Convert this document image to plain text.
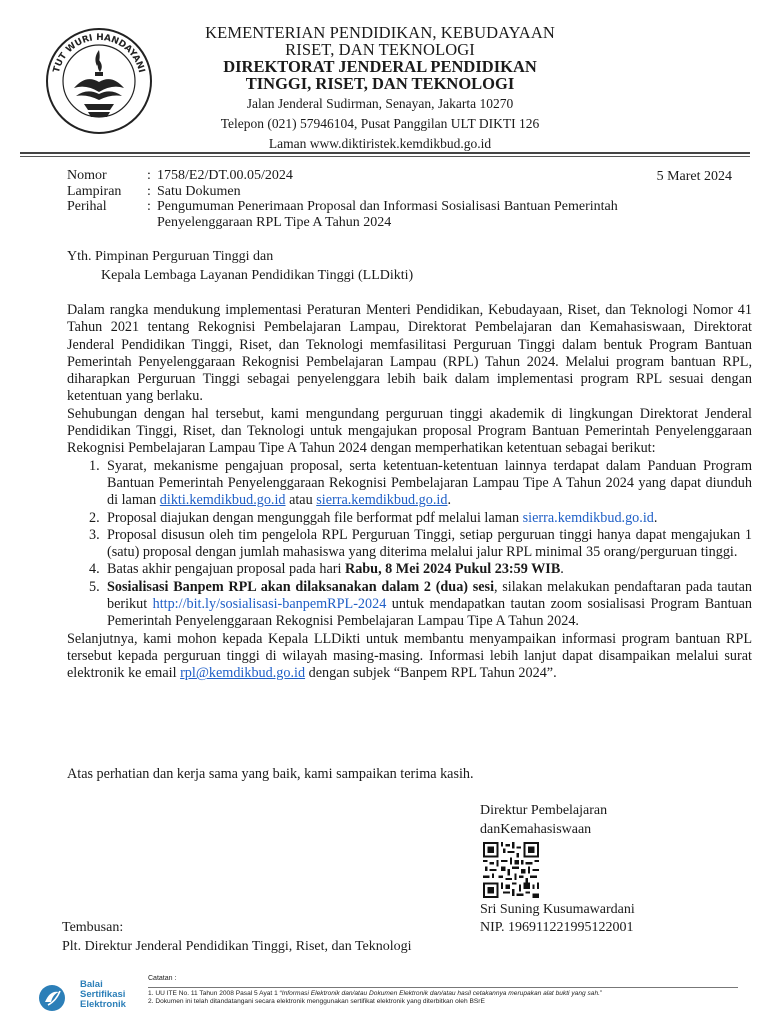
TUT WURI HANDAYANI
KEMENTERIAN PENDIDIKAN, KEBUDAYAAN
RISET, DAN TEKNOLOGI
DIREKTORAT JENDERAL PENDIDIKAN
TINGGI, RISET, DAN TEKNOLOGI
Jalan Jenderal Sudirman, Senayan, Jakarta 10270
Telepon (021) 57946104, Pusat Panggilan ULT DIKTI 126
Laman www.diktiristek.kemdikbud.go.id
5 Maret 2024
Nomor	: 1758/E2/DT.00.05/2024
Lampiran	: Satu Dokumen
Perihal	: Pengumuman Penerimaan Proposal dan Informasi Sosialisasi Bantuan Pemerintah
Penyelenggaraan RPL Tipe A Tahun 2024
Yth. Pimpinan Perguruan Tinggi dan
Kepala Lembaga Layanan Pendidikan Tinggi (LLDikti)

Dalam rangka mendukung implementasi Peraturan Menteri Pendidikan, Kebudayaan, Riset, dan Teknologi Nomor 41 Tahun 2021 tentang Rekognisi Pembelajaran Lampau, Direktorat Pembelajaran dan Kemahasiswaan, Direktorat Jenderal Pendidikan Tinggi, Riset, dan Teknologi memfasilitasi Perguruan Tinggi dalam bentuk Program Bantuan Pemerintah Penyelenggaraan Rekognisi Pembelajaran Lampau (RPL) Tahun 2024. Melalui program bantuan RPL, diharapkan Perguruan Tinggi sebagai penyelenggara lebih baik dalam implementasi program RPL sesuai dengan ketentuan yang berlaku.

Sehubungan dengan hal tersebut, kami mengundang perguruan tinggi akademik di lingkungan Direktorat Jenderal Pendidikan Tinggi, Riset, dan Teknologi untuk mengajukan proposal Program Bantuan Pemerintah Penyelenggaraan Rekognisi Pembelajaran Lampau Tipe A Tahun 2024 dengan memperhatikan ketentuan sebagai berikut:

1. Syarat, mekanisme pengajuan proposal, serta ketentuan-ketentuan lainnya terdapat dalam Panduan Program Bantuan Pemerintah Penyelenggaraan Rekognisi Pembelajaran Lampau Tipe A Tahun 2024 yang dapat diunduh di laman dikti.kemdikbud.go.id atau sierra.kemdikbud.go.id.
2. Proposal diajukan dengan mengunggah file berformat pdf melalui laman sierra.kemdikbud.go.id.
3. Proposal disusun oleh tim pengelola RPL Perguruan Tinggi, setiap perguruan tinggi hanya dapat mengajukan 1 (satu) proposal dengan jumlah mahasiswa yang diterima melalui jalur RPL minimal 35 orang/perguruan tinggi.
4. Batas akhir pengajuan proposal pada hari Rabu, 8 Mei 2024 Pukul 23:59 WIB.
5. Sosialisasi Banpem RPL akan dilaksanakan dalam 2 (dua) sesi, silakan melakukan pendaftaran pada tautan berikut http://bit.ly/sosialisasi-banpemRPL-2024 untuk mendapatkan tautan zoom sosialisasi Program Bantuan Pemerintah Penyelenggaraan Rekognisi Pembelajaran Lampau Tipe A Tahun 2024.

Selanjutnya, kami mohon kepada Kepala LLDikti untuk membantu menyampaikan informasi program bantuan RPL tersebut kepada perguruan tinggi di wilayah masing-masing. Informasi lebih lanjut dapat disampaikan melalui surat elektronik ke email rpl@kemdikbud.go.id dengan subjek “Banpem RPL Tahun 2024”.

Atas perhatian dan kerja sama yang baik, kami sampaikan terima kasih.
Direktur Pembelajaran
danKemahasiswaan
Sri Suning Kusumawardani
NIP. 196911221995122001
Tembusan:
Plt. Direktur Jenderal Pendidikan Tinggi, Riset, dan Teknologi
Balai
Sertifikasi
Elektronik
Catatan :
1. UU ITE No. 11 Tahun 2008 Pasal 5 Ayat 1 “Informasi Elektronik dan/atau Dokumen Elektronik dan/atau hasil cetakannya merupakan alat bukti yang sah.”
2. Dokumen ini telah ditandatangani secara elektronik menggunakan sertifikat elektronik yang diterbitkan oleh BSrE
